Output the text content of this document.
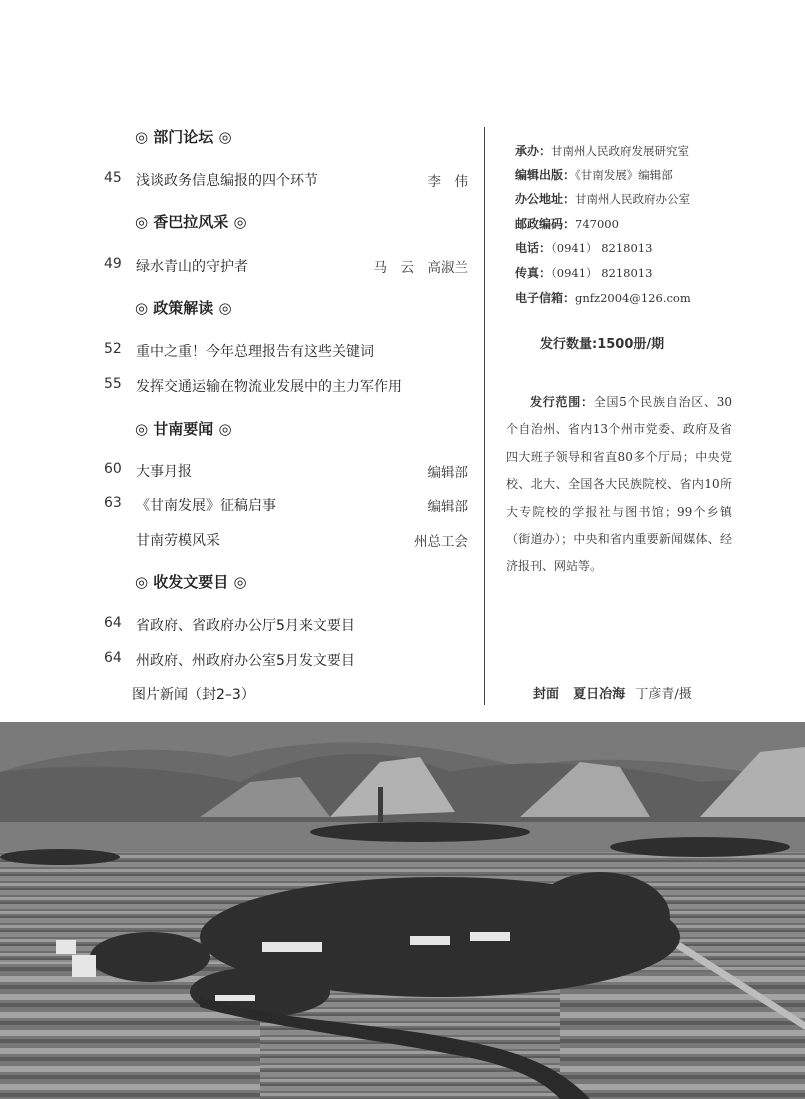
◎ 部门论坛 ◎
45 浅谈政务信息编报的四个环节	李　伟
◎ 香巴拉风采 ◎
49 绿水青山的守护者	马　云　高淑兰
◎ 政策解读 ◎
52 重中之重！今年总理报告有这些关键词
55 发挥交通运输在物流业发展中的主力军作用
◎ 甘南要闻 ◎
60 大事月报	编辑部
63 《甘南发展》征稿启事	编辑部
甘南劳模风采	州总工会
◎ 收发文要目 ◎
64 省政府、省政府办公厅5月来文要目
64 州政府、州政府办公室5月发文要目
图片新闻（封2–3）
承办：甘南州人民政府发展研究室
编辑出版：《甘南发展》编辑部
办公地址：甘南州人民政府办公室
邮政编码：747000
电话：（0941） 8218013
传真：（0941） 8218013
电子信箱：gnfz2004@126.com
发行数量:1500册/期
发行范围：全国5个民族自治区、30个自治州、省内13个州市党委、政府及省四大班子领导和省直80多个厅局；中央党校、北大、全国各大民族院校、省内10所大专院校的学报社与图书馆；99个乡镇（街道办）；中央和省内重要新闻媒体、经济报刊、网站等。
封面 夏日冶海 丁彦青/摄
